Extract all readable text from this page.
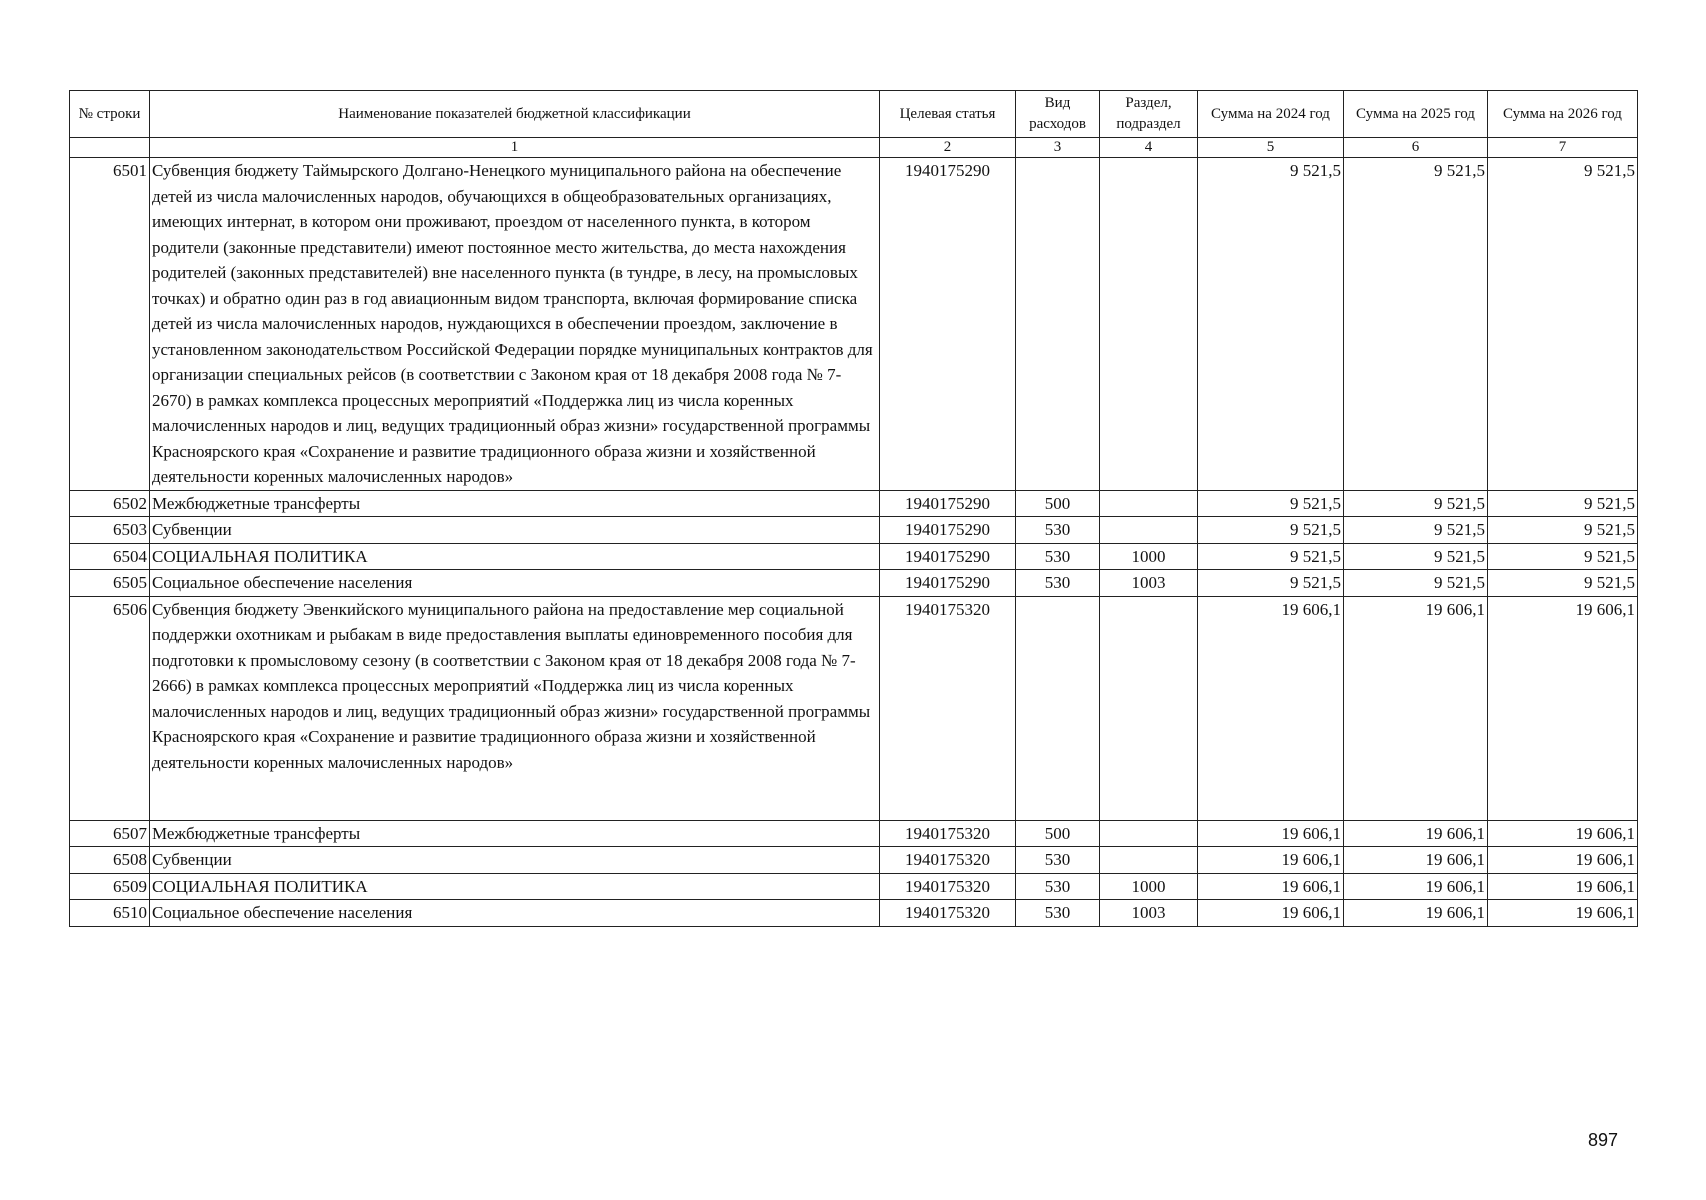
№ строки	Наименование показателей бюджетной классификации	Целевая статья	Вид расходов	Раздел, подраздел	Сумма на 2024 год	Сумма на 2025 год	Сумма на 2026 год
	1	2	3	4	5	6	7
6501	Субвенция бюджету Таймырского Долгано-Ненецкого муниципального района на обеспечение детей из числа малочисленных народов, обучающихся в общеобразовательных организациях, имеющих интернат, в котором они проживают, проездом от населенного пункта, в котором родители (законные представители) имеют постоянное место жительства, до места нахождения родителей (законных представителей) вне населенного пункта (в тундре, в лесу, на промысловых точках) и обратно один раз в год авиационным видом транспорта, включая формирование списка детей из числа малочисленных народов, нуждающихся в обеспечении проездом, заключение в установленном законодательством Российской Федерации порядке муниципальных контрактов для организации специальных рейсов (в соответствии с Законом края от 18 декабря 2008 года № 7-2670) в рамках комплекса процессных мероприятий «Поддержка лиц из числа коренных малочисленных народов и лиц, ведущих традиционный образ жизни» государственной программы Красноярского края «Сохранение и развитие традиционного образа жизни и хозяйственной деятельности коренных малочисленных народов»	1940175290			9 521,5	9 521,5	9 521,5
6502	Межбюджетные трансферты	1940175290	500		9 521,5	9 521,5	9 521,5
6503	Субвенции	1940175290	530		9 521,5	9 521,5	9 521,5
6504	СОЦИАЛЬНАЯ ПОЛИТИКА	1940175290	530	1000	9 521,5	9 521,5	9 521,5
6505	Социальное обеспечение населения	1940175290	530	1003	9 521,5	9 521,5	9 521,5
6506	Субвенция бюджету Эвенкийского муниципального района на предоставление мер социальной поддержки охотникам и рыбакам в виде предоставления выплаты единовременного пособия для подготовки к промысловому сезону (в соответствии с Законом края от 18 декабря 2008 года № 7-2666) в рамках комплекса процессных мероприятий «Поддержка лиц из числа коренных малочисленных народов и лиц, ведущих традиционный образ жизни» государственной программы Красноярского края «Сохранение и развитие традиционного образа жизни и хозяйственной деятельности коренных малочисленных народов»	1940175320			19 606,1	19 606,1	19 606,1
6507	Межбюджетные трансферты	1940175320	500		19 606,1	19 606,1	19 606,1
6508	Субвенции	1940175320	530		19 606,1	19 606,1	19 606,1
6509	СОЦИАЛЬНАЯ ПОЛИТИКА	1940175320	530	1000	19 606,1	19 606,1	19 606,1
6510	Социальное обеспечение населения	1940175320	530	1003	19 606,1	19 606,1	19 606,1
897
